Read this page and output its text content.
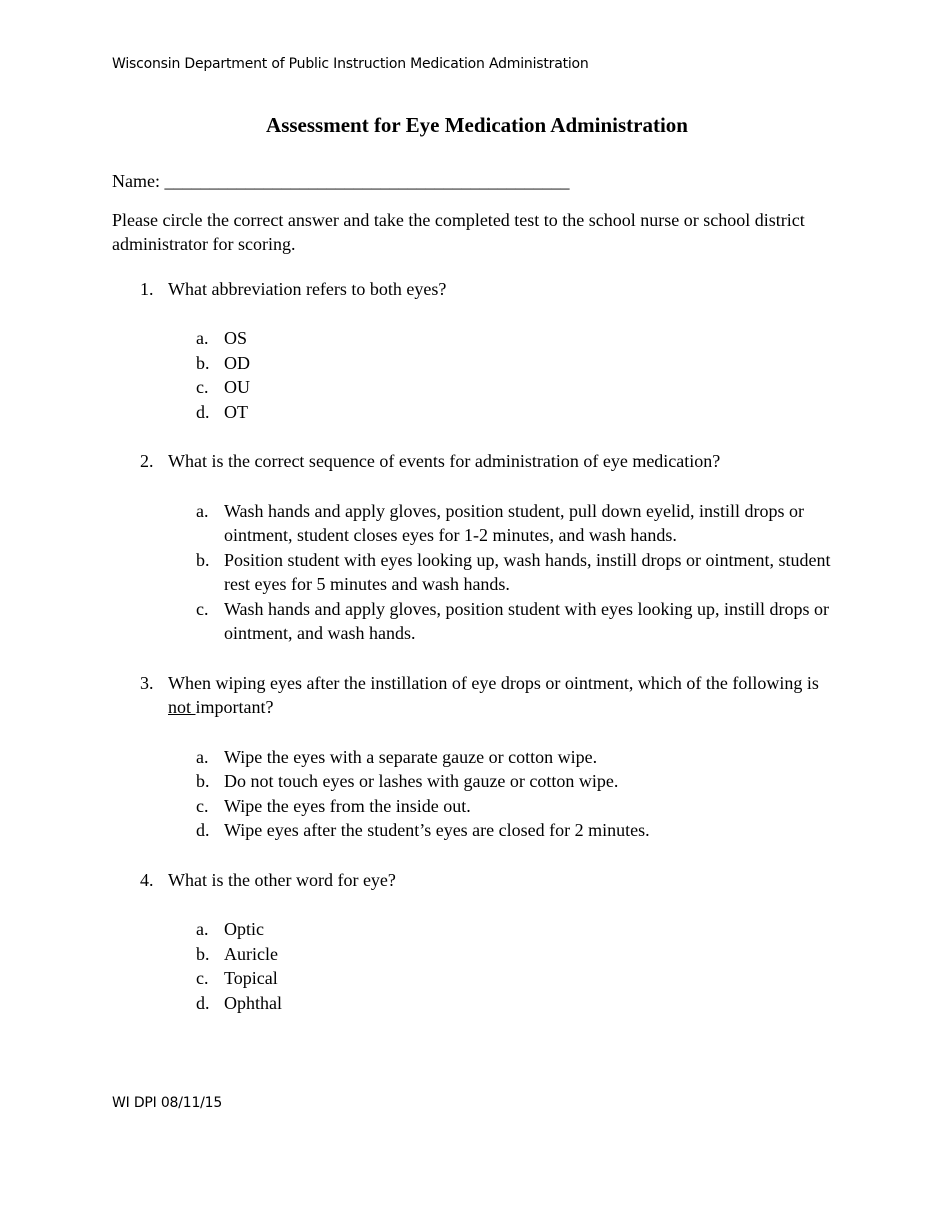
Wisconsin Department of Public Instruction Medication Administration
Assessment for Eye Medication Administration
Name: _____________________________________________
Please circle the correct answer and take the completed test to the school nurse or school district administrator for scoring.
1. What abbreviation refers to both eyes?
a. OS
b. OD
c. OU
d. OT
2. What is the correct sequence of events for administration of eye medication?
a. Wash hands and apply gloves, position student, pull down eyelid, instill drops or ointment, student closes eyes for 1-2 minutes, and wash hands.
b. Position student with eyes looking up, wash hands, instill drops or ointment, student rest eyes for 5 minutes and wash hands.
c. Wash hands and apply gloves, position student with eyes looking up, instill drops or ointment, and wash hands.
3. When wiping eyes after the instillation of eye drops or ointment, which of the following is not important?
a. Wipe the eyes with a separate gauze or cotton wipe.
b. Do not touch eyes or lashes with gauze or cotton wipe.
c. Wipe the eyes from the inside out.
d. Wipe eyes after the student’s eyes are closed for 2 minutes.
4. What is the other word for eye?
a. Optic
b. Auricle
c. Topical
d. Ophthal
WI DPI 08/11/15
